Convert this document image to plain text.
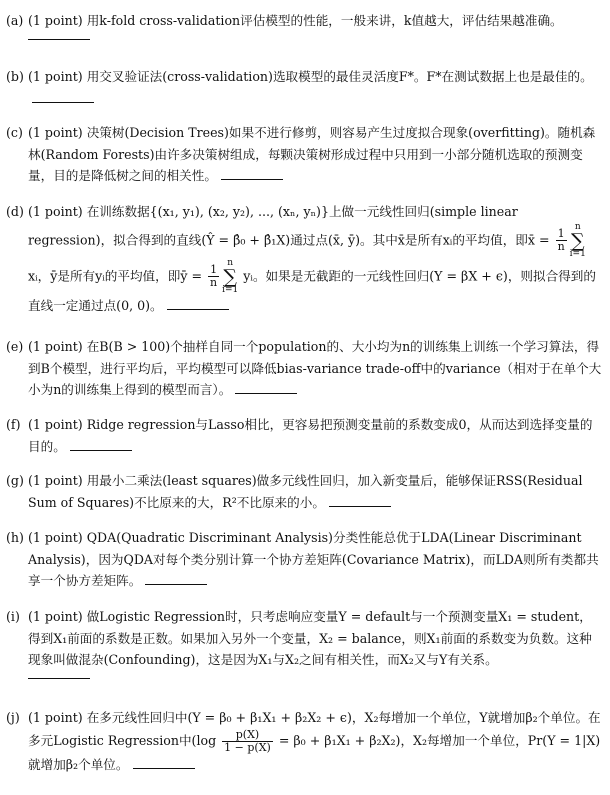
(a) (1 point) 用k-fold cross-validation评估模型的性能，一般来讲，k值越大，评估结果越准确。
(b) (1 point) 用交叉验证法(cross-validation)选取模型的最佳灵活度F*。F*在测试数据上也是最佳的。
(c) (1 point) 决策树(Decision Trees)如果不进行修剪，则容易产生过度拟合现象(overfitting)。随机森林(Random Forests)由许多决策树组成，每颗决策树形成过程中只用到一小部分随机选取的预测变量，目的是降低树之间的相关性。
(d) (1 point) 在训练数据{(x₁, y₁), (x₂, y₂), ..., (xₙ, yₙ)}上做一元线性回归(simple linear regression)，拟合得到的直线(Ŷ = β̂₀ + β̂₁X)通过点(x̄, ȳ)。其中x̄是所有xᵢ的平均值，即x̄ = $\frac{1}{n}$
n
∑
i=1 xᵢ，ȳ是所有yᵢ的平均值，即ȳ = $\frac{1}{n}$
n
∑
i=1 yᵢ。如果是无截距的一元线性回归(Y = βX + ϵ)，则拟合得到的直线一定通过点(0, 0)。
(e) (1 point) 在B(B > 100)个抽样自同一个population的、大小均为n的训练集上训练一个学习算法，得到B个模型，进行平均后，平均模型可以降低bias-variance trade-off中的variance（相对于在单个大小为n的训练集上得到的模型而言）。
(f) (1 point) Ridge regression与Lasso相比，更容易把预测变量前的系数变成0，从而达到选择变量的目的。
(g) (1 point) 用最小二乘法(least squares)做多元线性回归，加入新变量后，能够保证RSS(Residual Sum of Squares)不比原来的大，R²不比原来的小。
(h) (1 point) QDA(Quadratic Discriminant Analysis)分类性能总优于LDA(Linear Discriminant Analysis)，因为QDA对每个类分别计算一个协方差矩阵(Covariance Matrix)，而LDA则所有类都共享一个协方差矩阵。
(i) (1 point) 做Logistic Regression时，只考虑响应变量Y = default与一个预测变量X₁ = student，得到X₁前面的系数是正数。如果加入另外一个变量，X₂ = balance，则X₁前面的系数变为负数。这种现象叫做混杂(Confounding)，这是因为X₁与X₂之间有相关性，而X₂又与Y有关系。
(j) (1 point) 在多元线性回归中(Y = β₀ + β₁X₁ + β₂X₂ + ϵ)，X₂每增加一个单位，Y就增加β₂个单位。在多元Logistic Regression中$(\log \frac{p(X)}{1 - p(X)} = \beta_0 + \beta_1X_1 + \beta_2X_2)$，X₂每增加一个单位，Pr(Y = 1|X)就增加β₂个单位。
